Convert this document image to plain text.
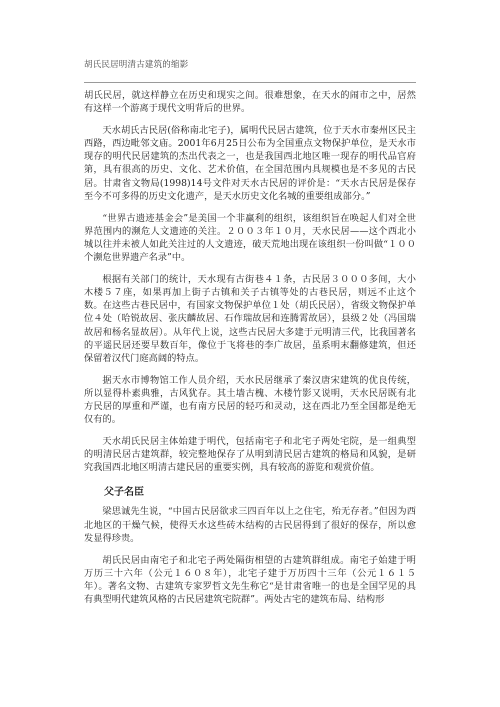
胡氏民居明清古建筑的缩影

胡氏民居，就这样静立在历史和现实之间。很难想象，在天水的闹市之中，居然有这样一个游离于现代文明背后的世界。

天水胡氏古民居(俗称南北宅子)，属明代民居古建筑，位于天水市秦州区民主西路，西边毗邻文庙。2001年6月25日公布为全国重点文物保护单位，是天水市现存的明代民居建筑的杰出代表之一，也是我国西北地区唯一现存的明代品官府第，具有很高的历史、文化、艺术价值，在全国范围内具规模也是不多见的古民居。甘肃省文物局(1998)14号文件对天水古民居的评价是：“天水古民居是保存至今不可多得的历史文化遗产，是天水历史文化名城的重要组成部分。”

“世界古遗迹基金会”是美国一个非赢利的组织，该组织旨在唤起人们对全世界范围内的濒危人文遗迹的关注。２００３年１０月，天水民居——这个西北小城以往并未被人如此关注过的人文遗迹，破天荒地出现在该组织一份叫做“１００个濒危世界遗产名录”中。

根据有关部门的统计，天水现有古街巷４１条，古民居３０００多间，大小木楼５７座，如果再加上街子古镇和关子古镇等处的古巷民居，则远不止这个数。在这些古巷民居中，有国家文物保护单位１处（胡氏民居），省级文物保护单位４处（哈锐故居、张庆麟故居、石作瑞故居和连腾霄故居），县级２处（冯国瑞故居和杨名显故居）。从年代上说，这些古民居大多建于元明清三代，比我国著名的平遥民居还要早数百年，像位于飞将巷的李广故居，虽系明末翻修建筑，但还保留着汉代门庭高阔的特点。

据天水市博物馆工作人员介绍，天水民居继承了秦汉唐宋建筑的优良传统，所以显得朴素典雅，古风犹存。其土墙古槐、木楼竹影又说明，天水民居既有北方民居的厚重和严谨，也有南方民居的轻巧和灵动，这在西北乃至全国都是绝无仅有的。

天水胡氏民居主体始建于明代，包括南宅子和北宅子两处宅院，是一组典型的明清民居古建筑群，较完整地保存了从明到清民居古建筑的格局和风貌，是研究我国西北地区明清古建民居的重要实例，具有较高的游览和观赏价值。

父子名臣

梁思诚先生说，“中国古民居欲求三四百年以上之住宅，殆无存者。”但因为西北地区的干燥气候，使得天水这些砖木结构的古民居得到了很好的保存，所以愈发显得珍贵。

胡氏民居由南宅子和北宅子两处隔街相望的古建筑群组成。南宅子始建于明万历三十六年（公元１６０８年），北宅子建于万历四十三年（公元１６１５年）。著名文物、古建筑专家罗哲文先生称它“是甘肃省唯一的也是全国罕见的具有典型明代建筑风格的古民居建筑宅院群”。两处古宅的建筑布局、结构形
